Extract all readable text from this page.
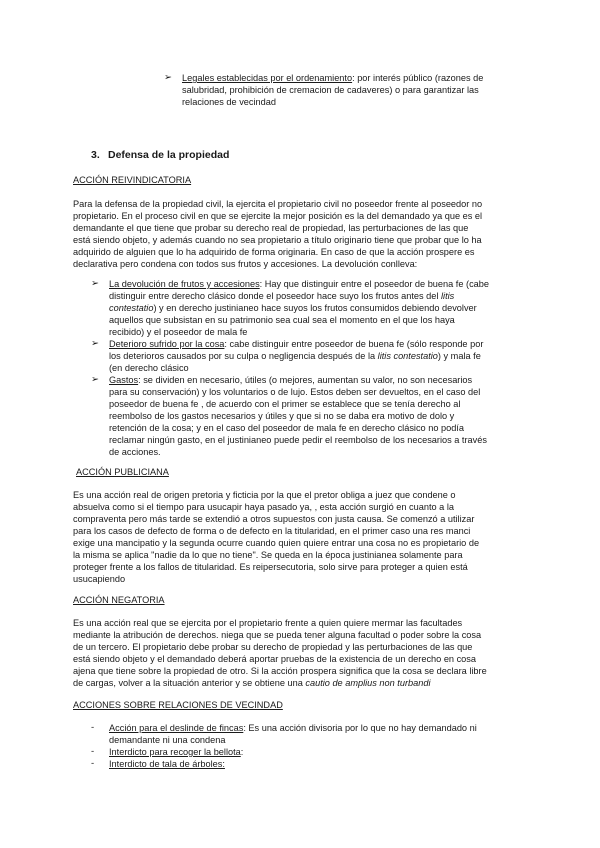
➢ Legales establecidas por el ordenamiento: por interés público (razones de
salubridad, prohibición de cremacion de cadaveres) o para garantizar las
relaciones de vecindad

3. Defensa de la propiedad
ACCIÓN REIVINDICATORIA

Para la defensa de la propiedad civil, la ejercita el propietario civil no poseedor frente al poseedor no
propietario. En el proceso civil en que se ejercite la mejor posición es la del demandado ya que es el
demandante el que tiene que probar su derecho real de propiedad, las perturbaciones de las que
está siendo objeto, y además cuando no sea propietario a título originario tiene que probar que lo ha
adquirido de alguien que lo ha adquirido de forma originaria. En caso de que la acción prospere es
declarativa pero condena con todos sus frutos y accesiones. La devolución conlleva:

➢ La devolución de frutos y accesiones: Hay que distinguir entre el poseedor de buena fe (cabe
distinguir entre derecho clásico donde el poseedor hace suyo los frutos antes del litis
contestatio) y en derecho justinianeo hace suyos los frutos consumidos debiendo devolver
aquellos que subsistan en su patrimonio sea cual sea el momento en el que los haya
recibido) y el poseedor de mala fe

➢ Deterioro sufrido por la cosa: cabe distinguir entre poseedor de buena fe (sólo responde por
los deterioros causados por su culpa o negligencia después de la litis contestatio) y mala fe
(en derecho clásico

➢ Gastos: se dividen en necesario, útiles (o mejores, aumentan su valor, no son necesarios
para su conservación) y los voluntarios o de lujo. Estos deben ser devueltos, en el caso del
poseedor de buena fe , de acuerdo con el primer se establece que se tenía derecho al
reembolso de los gastos necesarios y útiles y que si no se daba era motivo de dolo y
retención de la cosa; y en el caso del poseedor de mala fe en derecho clásico no podía
reclamar ningún gasto, en el justinianeo puede pedir el reembolso de los necesarios a través
de acciones.

ACCIÓN PUBLICIANA

Es una acción real de origen pretoria y ficticia por la que el pretor obliga a juez que condene o
absuelva como si el tiempo para usucapir haya pasado ya, , esta acción surgió en cuanto a la
compraventa pero más tarde se extendió a otros supuestos con justa causa. Se comenzó a utilizar
para los casos de defecto de forma o de defecto en la titularidad, en el primer caso una res manci
exige una mancipatio y la segunda ocurre cuando quien quiere entrar una cosa no es propietario de
la misma se aplica "nadie da lo que no tiene". Se queda en la época justinianea solamente para
proteger frente a los fallos de titularidad. Es reipersecutoria, solo sirve para proteger a quien está
usucapiendo

ACCIÓN NEGATORIA

Es una acción real que se ejercita por el propietario frente a quien quiere mermar las facultades
mediante la atribución de derechos. niega que se pueda tener alguna facultad o poder sobre la cosa
de un tercero. El propietario debe probar su derecho de propiedad y las perturbaciones de las que
está siendo objeto y el demandado deberá aportar pruebas de la existencia de un derecho en cosa
ajena que tiene sobre la propiedad de otro. Si la acción prospera significa que la cosa se declara libre
de cargas, volver a la situación anterior y se obtiene una cautio de amplius non turbandi

ACCIONES SOBRE RELACIONES DE VECINDAD
- Acción para el deslinde de fincas: Es una acción divisoria por lo que no hay demandado ni
demandante ni una condena

- Interdicto para recoger la bellota:

- Interdicto de tala de árboles:
